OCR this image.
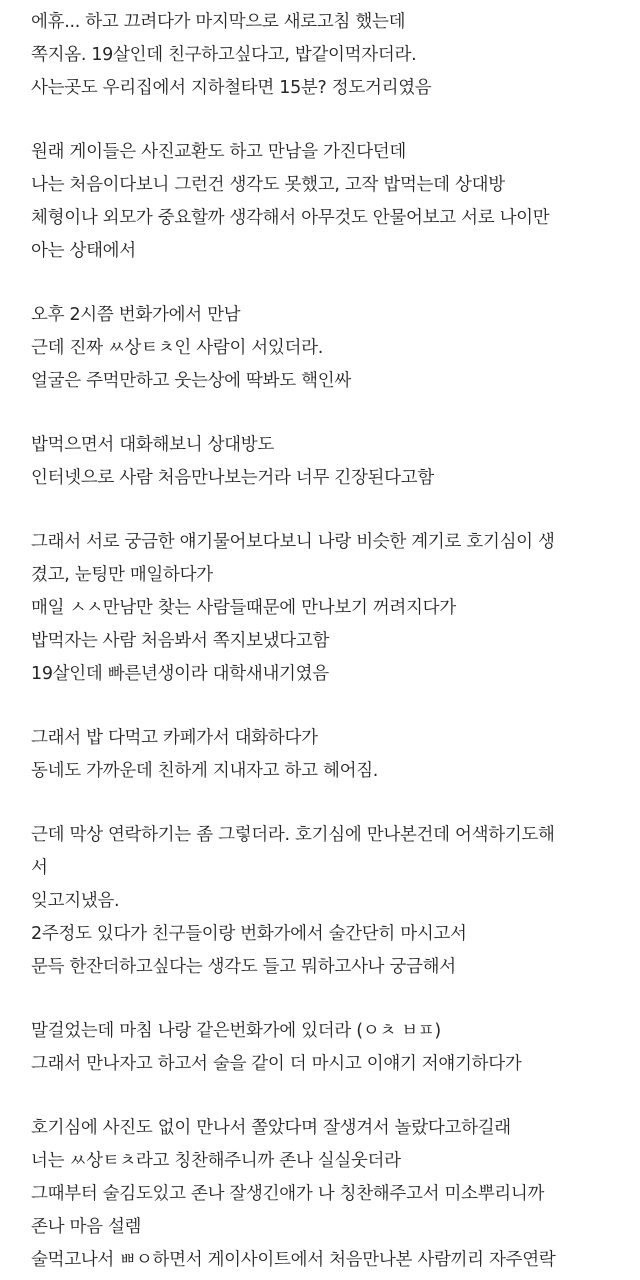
에휴... 하고 끄려다가 마지막으로 새로고침 했는데
쪽지옴. 19살인데 친구하고싶다고, 밥같이먹자더라.
사는곳도 우리집에서 지하철타면 15분? 정도거리였음
원래 게이들은 사진교환도 하고 만남을 가진다던데
나는 처음이다보니 그런건 생각도 못했고, 고작 밥먹는데 상대방
체형이나 외모가 중요할까 생각해서 아무것도 안물어보고 서로 나이만
아는 상태에서
오후 2시쯤 번화가에서 만남
근데 진짜 ㅆ상ㅌㅊ인 사람이 서있더라.
얼굴은 주먹만하고 웃는상에 딱봐도 핵인싸
밥먹으면서 대화해보니 상대방도
인터넷으로 사람 처음만나보는거라 너무 긴장된다고함
그래서 서로 궁금한 얘기물어보다보니 나랑 비슷한 계기로 호기심이 생
겼고, 눈팅만 매일하다가
매일 ㅅㅅ만남만 찾는 사람들때문에 만나보기 꺼려지다가
밥먹자는 사람 처음봐서 쪽지보냈다고함
19살인데 빠른년생이라 대학새내기였음
그래서 밥 다먹고 카페가서 대화하다가
동네도 가까운데 친하게 지내자고 하고 헤어짐.
근데 막상 연락하기는 좀 그렇더라. 호기심에 만나본건데 어색하기도해
서
잊고지냈음.
2주정도 있다가 친구들이랑 번화가에서 술간단히 마시고서
문득 한잔더하고싶다는 생각도 들고 뭐하고사나 궁금해서
말걸었는데 마침 나랑 같은번화가에 있더라 (ㅇㅊ ㅂㅍ)
그래서 만나자고 하고서 술을 같이 더 마시고 이얘기 저얘기하다가
호기심에 사진도 없이 만나서 쫄았다며 잘생겨서 놀랐다고하길래
너는 ㅆ상ㅌㅊ라고 칭찬해주니까 존나 실실웃더라
그때부터 술김도있고 존나 잘생긴애가 나 칭찬해주고서 미소뿌리니까
존나 마음 설렘
술먹고나서 ㅃㅇ하면서 게이사이트에서 처음만나본 사람끼리 자주연락
